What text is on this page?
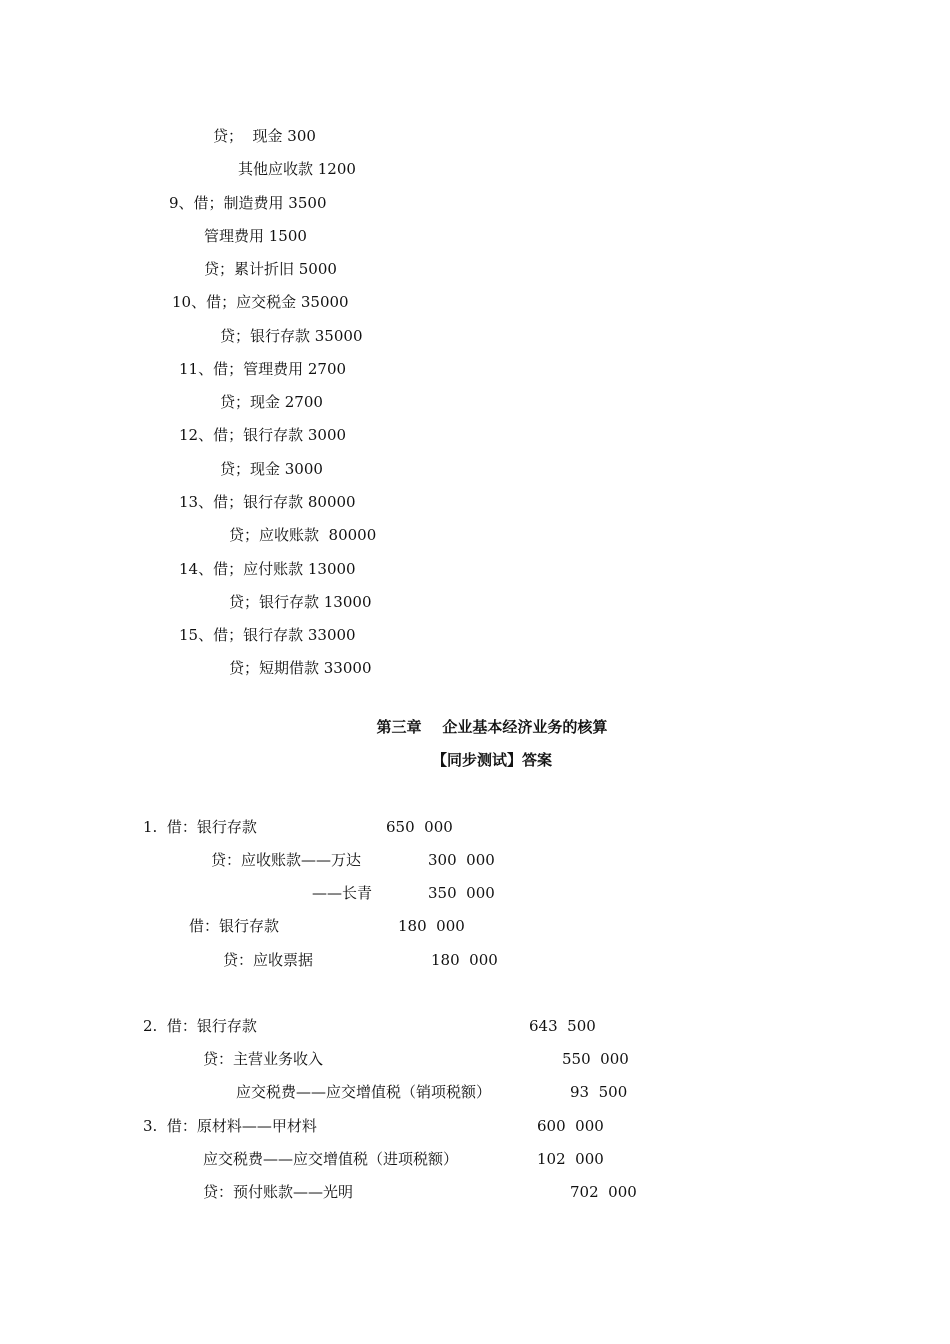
贷；  现金 300
其他应收款 1200
9、借；制造费用 3500
管理费用 1500
贷；累计折旧 5000
10、借；应交税金 35000
贷；银行存款 35000
11、借；管理费用 2700
贷；现金 2700
12、借；银行存款 3000
贷；现金 3000
13、借；银行存款 80000
贷；应收账款  80000
14、借；应付账款 13000
贷；银行存款 13000
15、借；银行存款 33000
贷；短期借款 33000
第三章    企业基本经济业务的核算
【同步测试】答案
1.  借：银行存款	650  000
贷：应收账款——万达	300  000
——长青	350  000
借：银行存款	180  000
贷：应收票据	180  000
2.  借：银行存款	643  500
贷：主营业务收入	550  000
应交税费——应交增值税（销项税额）	93  500
3.  借：原材料——甲材料	600  000
应交税费——应交增值税（进项税额）	102  000
贷：预付账款——光明	702  000
